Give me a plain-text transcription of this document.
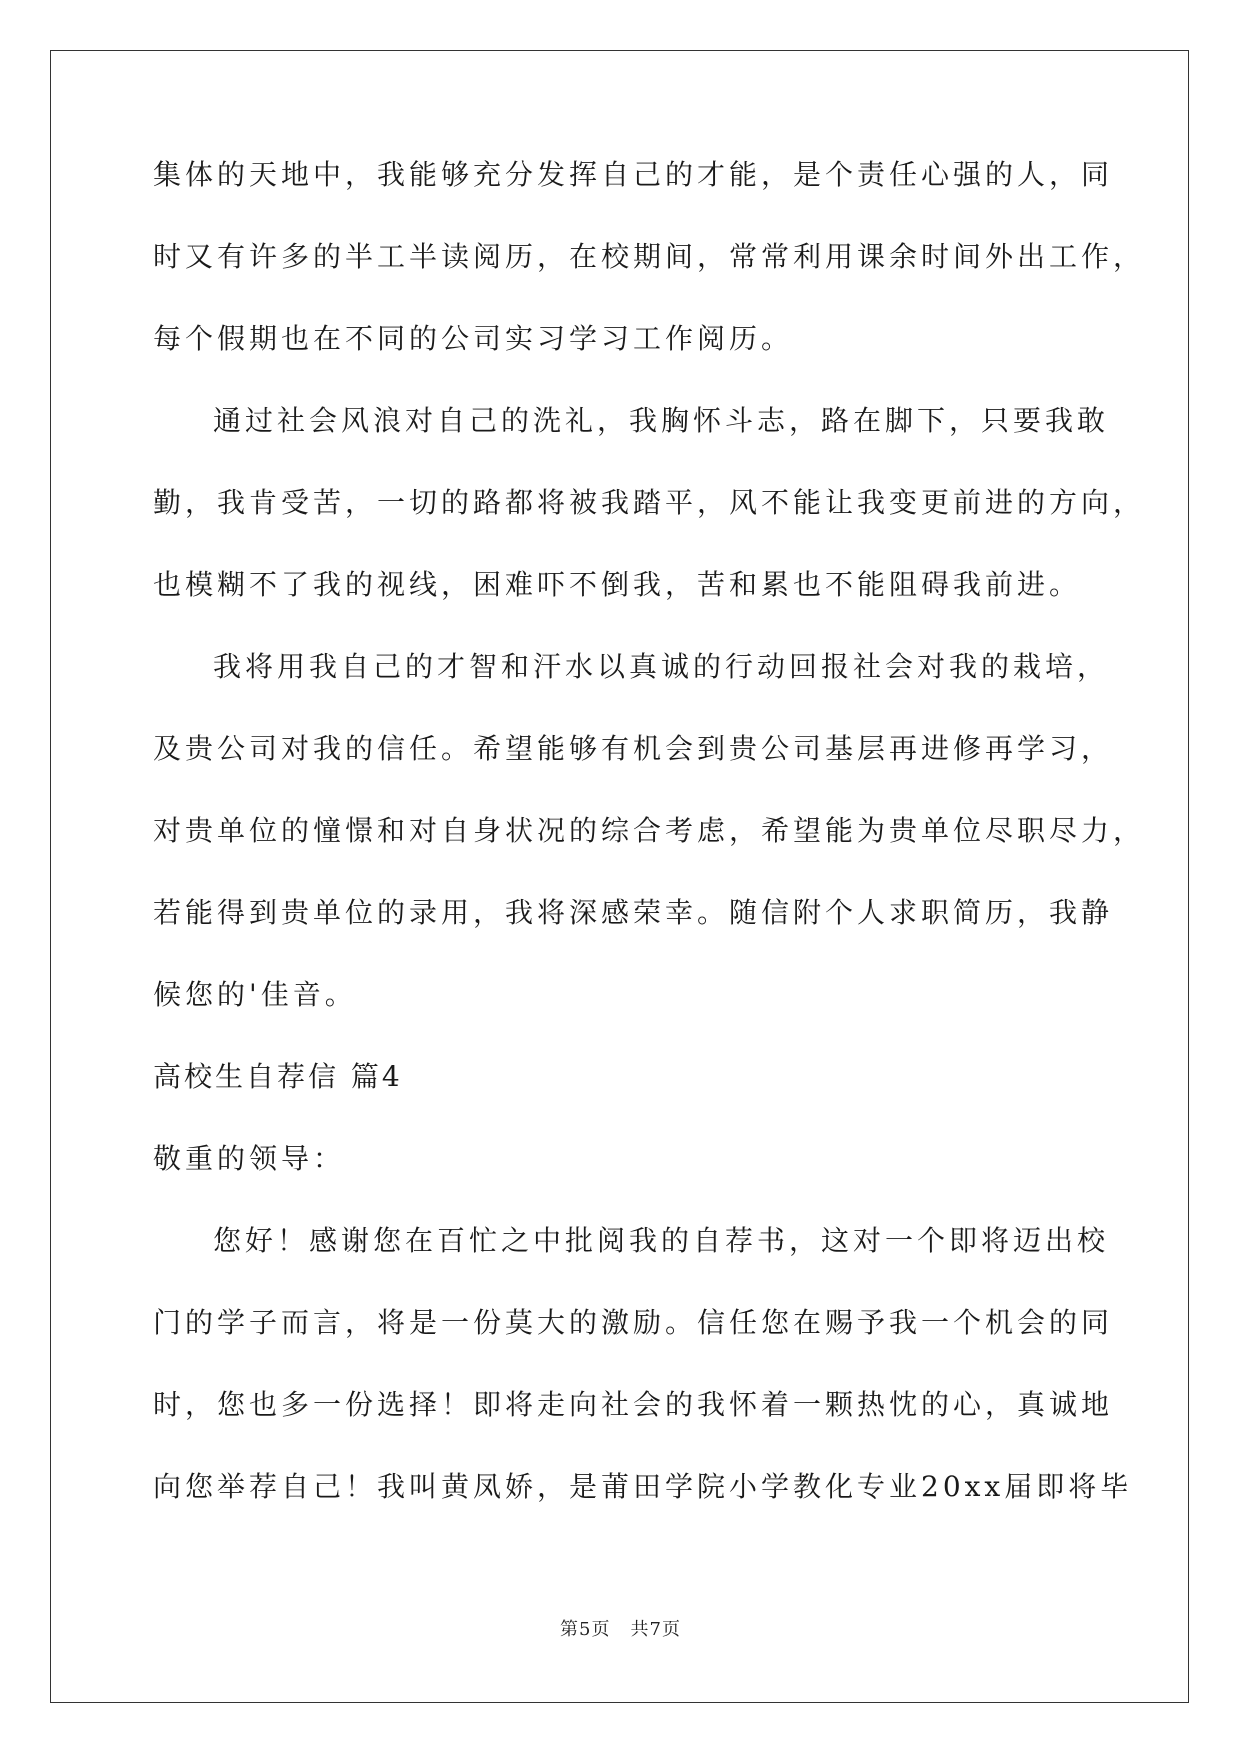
集体的天地中，我能够充分发挥自己的才能，是个责任心强的人，同
时又有许多的半工半读阅历，在校期间，常常利用课余时间外出工作，
每个假期也在不同的公司实习学习工作阅历。
通过社会风浪对自己的洗礼，我胸怀斗志，路在脚下，只要我敢
勤，我肯受苦，一切的路都将被我踏平，风不能让我变更前进的方向，
也模糊不了我的视线，困难吓不倒我，苦和累也不能阻碍我前进。
我将用我自己的才智和汗水以真诚的行动回报社会对我的栽培，
及贵公司对我的信任。希望能够有机会到贵公司基层再进修再学习，
对贵单位的憧憬和对自身状况的综合考虑，希望能为贵单位尽职尽力，
若能得到贵单位的录用，我将深感荣幸。随信附个人求职简历，我静
候您的'佳音。
高校生自荐信 篇4
敬重的领导：
您好！感谢您在百忙之中批阅我的自荐书，这对一个即将迈出校
门的学子而言，将是一份莫大的激励。信任您在赐予我一个机会的同
时，您也多一份选择！即将走向社会的我怀着一颗热忱的心，真诚地
向您举荐自己！我叫黄凤娇，是莆田学院小学教化专业20xx届即将毕
第5页 共7页
